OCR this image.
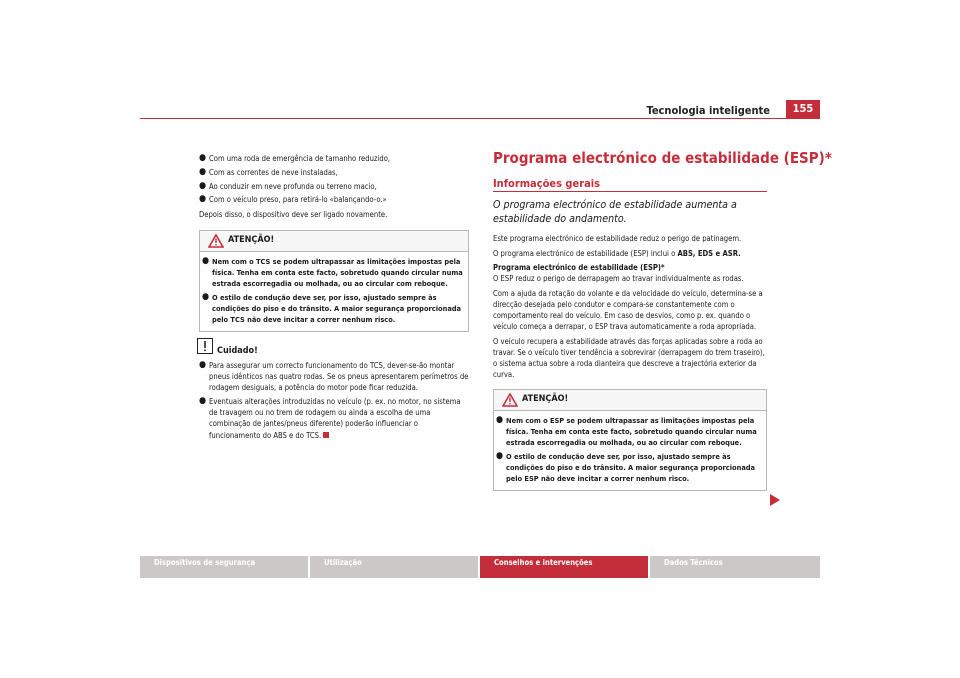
Tecnologia inteligente	155
● Com uma roda de emergência de tamanho reduzido,
● Com as correntes de neve instaladas,
● Ao conduzir em neve profunda ou terreno macio,
● Com o veículo preso, para retirá-lo «balançando-o.»
Depois disso, o dispositivo deve ser ligado novamente.
ATENÇÃO!
● Nem com o TCS se podem ultrapassar as limitações impostas pela física. Tenha em conta este facto, sobretudo quando circular numa estrada escorregadia ou molhada, ou ao circular com reboque.
● O estilo de condução deve ser, por isso, ajustado sempre às condições do piso e do trânsito. A maior segurança proporcionada pelo TCS não deve incitar a correr nenhum risco.
Cuidado!
● Para assegurar um correcto funcionamento do TCS, dever-se-ão montar pneus idênticos nas quatro rodas. Se os pneus apresentarem perímetros de rodagem desiguais, a potência do motor pode ficar reduzida.
● Eventuais alterações introduzidas no veículo (p. ex. no motor, no sistema de travagem ou no trem de rodagem ou ainda a escolha de uma combinação de jantes/pneus diferente) poderão influenciar o funcionamento do ABS e do TCS.
Programa electrónico de estabilidade (ESP)*
Informações gerais
O programa electrónico de estabilidade aumenta a estabilidade do andamento.
Este programa electrónico de estabilidade reduz o perigo de patinagem.
O programa electrónico de estabilidade (ESP) inclui o ABS, EDS e ASR.
Programa electrónico de estabilidade (ESP)*
O ESP reduz o perigo de derrapagem ao travar individualmente as rodas.
Com a ajuda da rotação do volante e da velocidade do veículo, determina-se a direcção desejada pelo condutor e compara-se constantemente com o comportamento real do veículo. Em caso de desvios, como p. ex. quando o veículo começa a derrapar, o ESP trava automaticamente a roda apropriada.
O veículo recupera a estabilidade através das forças aplicadas sobre a roda ao travar. Se o veículo tiver tendência a sobrevirar (derrapagem do trem traseiro), o sistema actua sobre a roda dianteira que descreve a trajectória exterior da curva.
ATENÇÃO!
● Nem com o ESP se podem ultrapassar as limitações impostas pela física. Tenha em conta este facto, sobretudo quando circular numa estrada escorregadia ou molhada, ou ao circular com reboque.
● O estilo de condução deve ser, por isso, ajustado sempre às condições do piso e do trânsito. A maior segurança proporcionada pelo ESP não deve incitar a correr nenhum risco.
Dispositivos de segurança	Utilização	Conselhos e intervenções	Dados Técnicos
